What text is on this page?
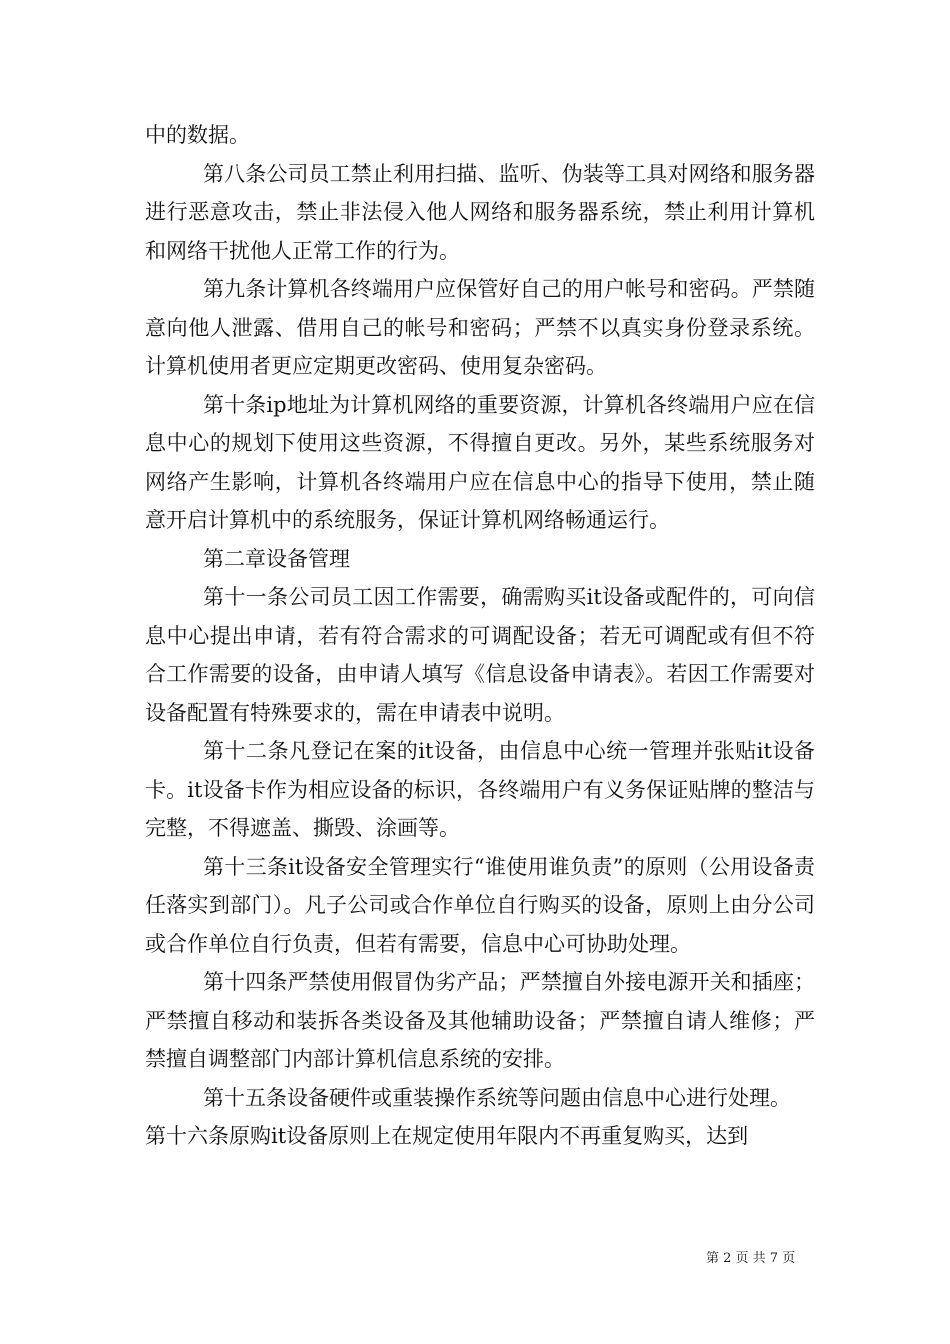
中的数据。

第八条公司员工禁止利用扫描、监听、伪装等工具对网络和服务器进行恶意攻击，禁止非法侵入他人网络和服务器系统，禁止利用计算机和网络干扰他人正常工作的行为。

第九条计算机各终端用户应保管好自己的用户帐号和密码。严禁随意向他人泄露、借用自己的帐号和密码；严禁不以真实身份登录系统。计算机使用者更应定期更改密码、使用复杂密码。

第十条ip地址为计算机网络的重要资源，计算机各终端用户应在信息中心的规划下使用这些资源，不得擅自更改。另外，某些系统服务对网络产生影响，计算机各终端用户应在信息中心的指导下使用，禁止随意开启计算机中的系统服务，保证计算机网络畅通运行。

第二章设备管理

第十一条公司员工因工作需要，确需购买it设备或配件的，可向信息中心提出申请，若有符合需求的可调配设备；若无可调配或有但不符合工作需要的设备，由申请人填写《信息设备申请表》。若因工作需要对设备配置有特殊要求的，需在申请表中说明。

第十二条凡登记在案的it设备，由信息中心统一管理并张贴it设备卡。it设备卡作为相应设备的标识，各终端用户有义务保证贴牌的整洁与完整，不得遮盖、撕毁、涂画等。

第十三条it设备安全管理实行“谁使用谁负责”的原则（公用设备责任落实到部门）。凡子公司或合作单位自行购买的设备，原则上由分公司或合作单位自行负责，但若有需要，信息中心可协助处理。

第十四条严禁使用假冒伪劣产品；严禁擅自外接电源开关和插座；严禁擅自移动和装拆各类设备及其他辅助设备；严禁擅自请人维修；严禁擅自调整部门内部计算机信息系统的安排。

第十五条设备硬件或重装操作系统等问题由信息中心进行处理。

第十六条原购it设备原则上在规定使用年限内不再重复购买，达到

第 2 页 共 7 页
